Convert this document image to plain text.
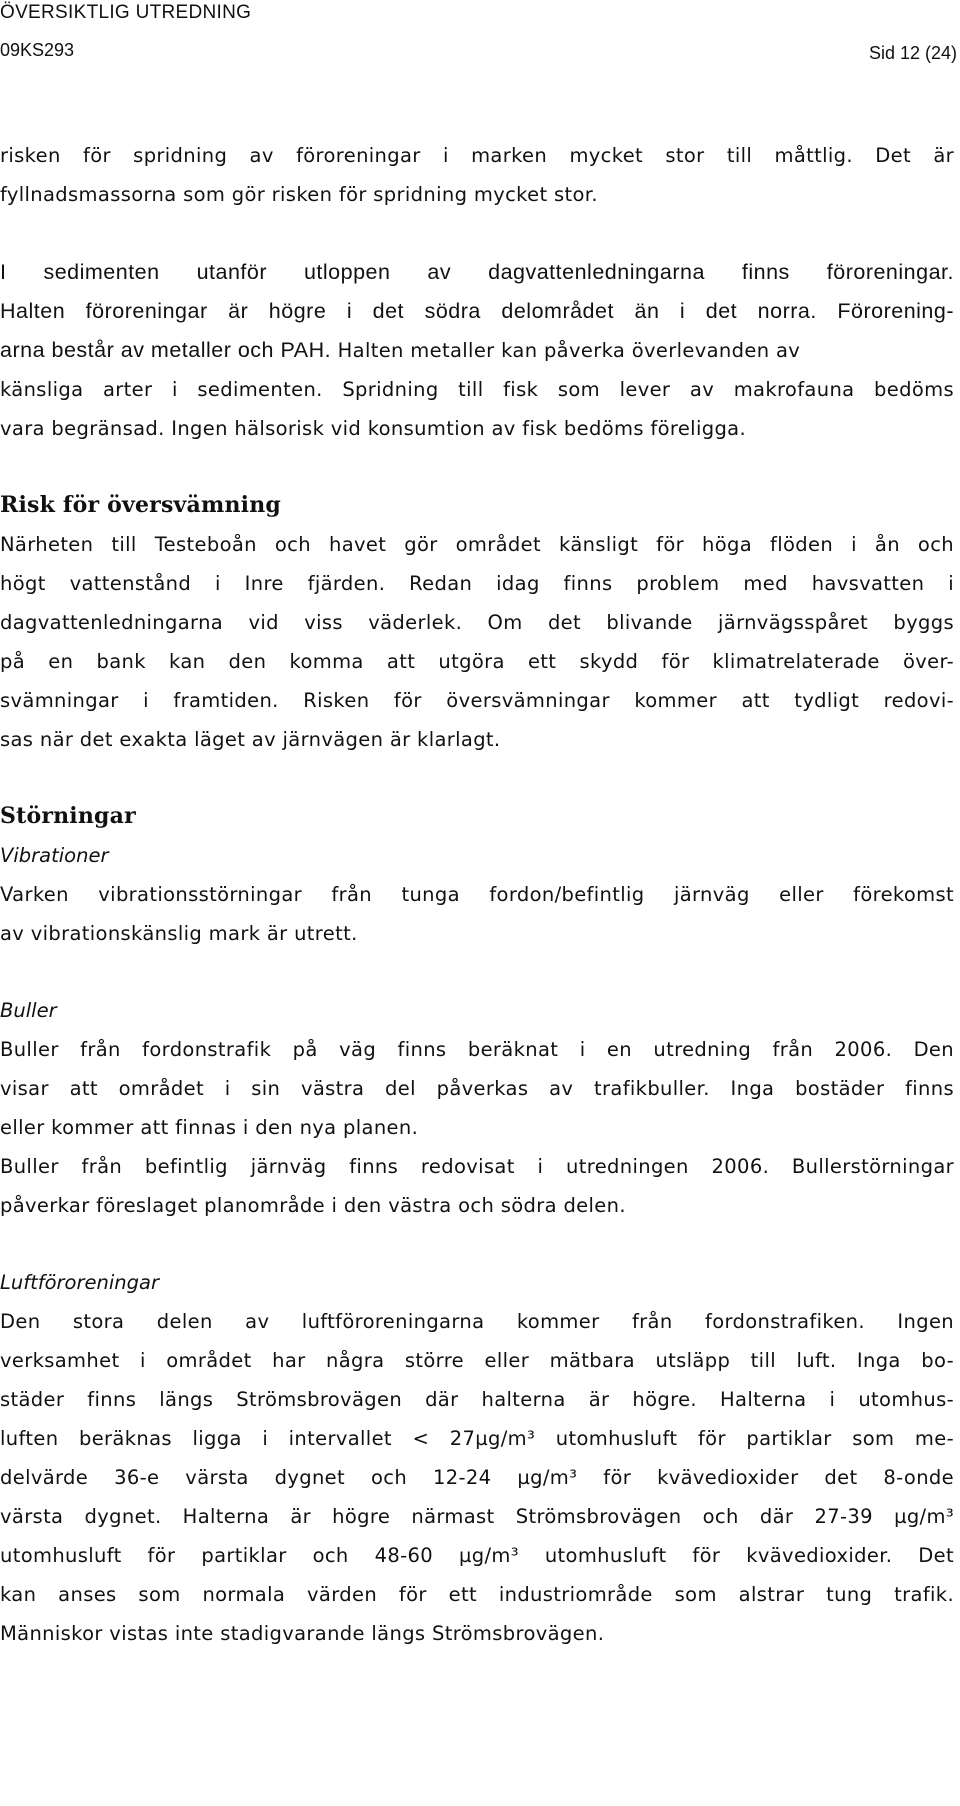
ÖVERSIKTLIG UTREDNING
09KS293	Sid 12 (24)
risken för spridning av föroreningar i marken mycket stor till måttlig. Det är
fyllnadsmassorna som gör risken för spridning mycket stor.
I sedimenten utanför utloppen av dagvattenledningarna finns föroreningar.
Halten föroreningar är högre i det södra delområdet än i det norra. Förorening-
arna består av metaller och PAH. Halten metaller kan påverka överlevanden av
känsliga arter i sedimenten. Spridning till fisk som lever av makrofauna bedöms
vara begränsad. Ingen hälsorisk vid konsumtion av fisk bedöms föreligga.
Risk för översvämning
Närheten till Testeboån och havet gör området känsligt för höga flöden i ån och
högt vattenstånd i Inre fjärden. Redan idag finns problem med havsvatten i
dagvattenledningarna vid viss väderlek. Om det blivande järnvägsspåret byggs
på en bank kan den komma att utgöra ett skydd för klimatrelaterade över-
svämningar i framtiden. Risken för översvämningar kommer att tydligt redovi-
sas när det exakta läget av järnvägen är klarlagt.
Störningar
Vibrationer
Varken vibrationsstörningar från tunga fordon/befintlig järnväg eller förekomst
av vibrationskänslig mark är utrett.
Buller
Buller från fordonstrafik på väg finns beräknat i en utredning från 2006. Den
visar att området i sin västra del påverkas av trafikbuller. Inga bostäder finns
eller kommer att finnas i den nya planen.
Buller från befintlig järnväg finns redovisat i utredningen 2006. Bullerstörningar
påverkar föreslaget planområde i den västra och södra delen.
Luftföroreningar
Den stora delen av luftföroreningarna kommer från fordonstrafiken. Ingen
verksamhet i området har några större eller mätbara utsläpp till luft. Inga bo-
städer finns längs Strömsbrovägen där halterna är högre. Halterna i utomhus-
luften beräknas ligga i intervallet < 27µg/m³ utomhusluft för partiklar som me-
delvärde 36-e värsta dygnet och 12-24 µg/m³ för kvävedioxider det 8-onde
värsta dygnet. Halterna är högre närmast Strömsbrovägen och där 27-39 µg/m³
utomhusluft för partiklar och 48-60 µg/m³ utomhusluft för kvävedioxider. Det
kan anses som normala värden för ett industriområde som alstrar tung trafik.
Människor vistas inte stadigvarande längs Strömsbrovägen.
